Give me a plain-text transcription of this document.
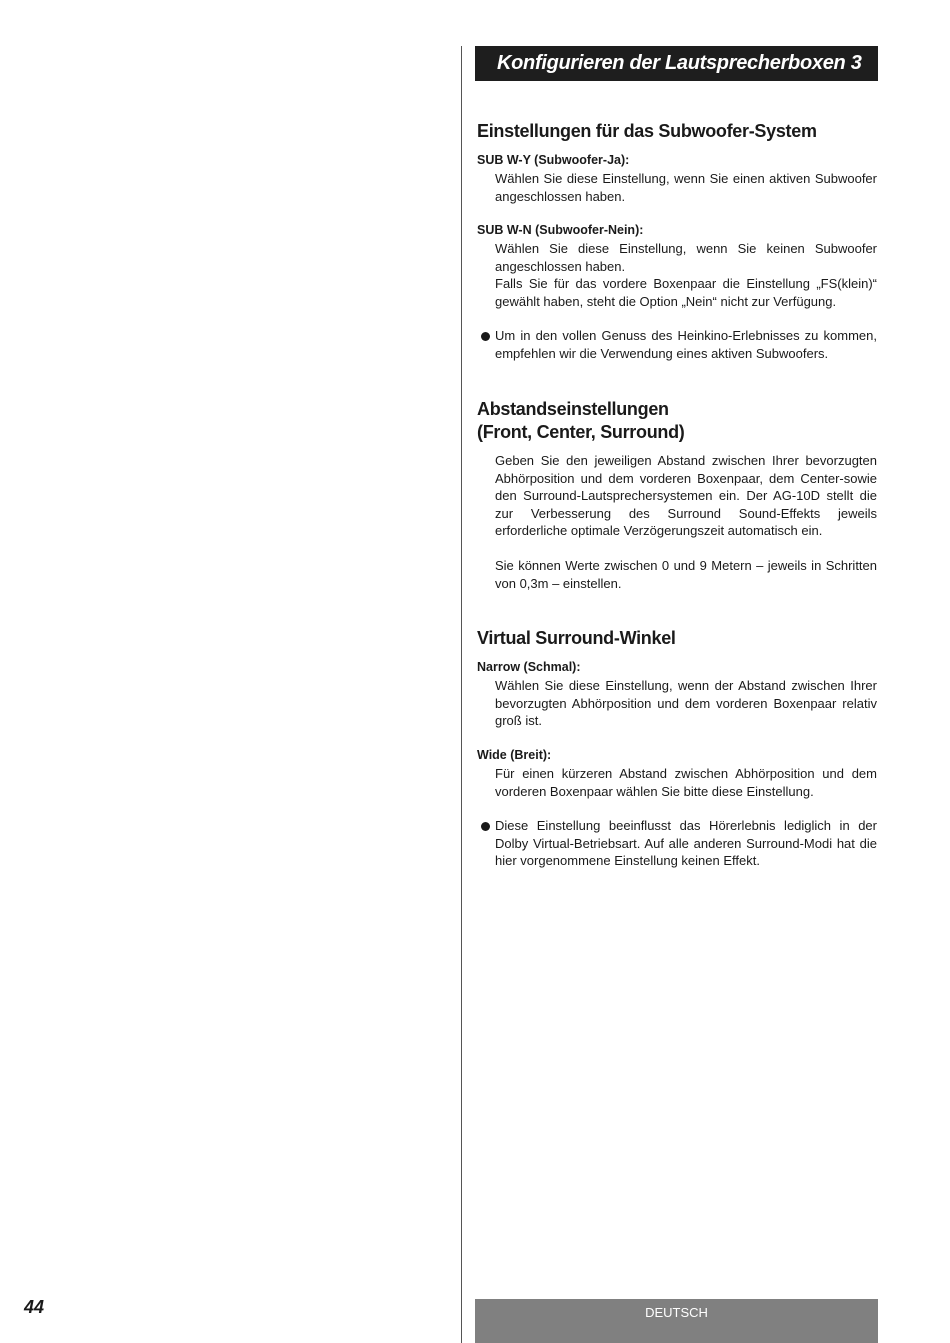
Konfigurieren der Lautsprecherboxen 3
Einstellungen für das Subwoofer-System
SUB W-Y (Subwoofer-Ja):
Wählen Sie diese Einstellung, wenn Sie einen aktiven Subwoofer angeschlossen haben.
SUB W-N (Subwoofer-Nein):
Wählen Sie diese Einstellung, wenn Sie keinen Subwoofer angeschlossen haben.
Falls Sie für das vordere Boxenpaar die Einstellung „FS(klein)“ gewählt haben, steht die Option „Nein“ nicht zur Verfügung.
Um in den vollen Genuss des Heinkino-Erlebnisses zu kommen, empfehlen wir die Verwendung eines aktiven Subwoofers.
Abstandseinstellungen
(Front, Center, Surround)
Geben Sie den jeweiligen Abstand zwischen Ihrer bevorzugten Abhörposition und dem vorderen Boxenpaar, dem Center-sowie den Surround-Lautsprechersystemen ein. Der AG-10D stellt die zur Verbesserung des Surround Sound-Effekts jeweils erforderliche optimale Verzögerungszeit automatisch ein.
Sie können Werte zwischen 0 und 9 Metern – jeweils in Schritten von 0,3m – einstellen.
Virtual Surround-Winkel
Narrow (Schmal):
Wählen Sie diese Einstellung, wenn der Abstand zwischen Ihrer bevorzugten Abhörposition und dem vorderen Boxenpaar relativ groß ist.
Wide (Breit):
Für einen kürzeren Abstand zwischen Abhörposition und dem vorderen Boxenpaar wählen Sie bitte diese Einstellung.
Diese Einstellung beeinflusst das Hörerlebnis lediglich in der Dolby Virtual-Betriebsart. Auf alle anderen Surround-Modi hat die hier vorgenommene Einstellung keinen Effekt.
44	DEUTSCH
